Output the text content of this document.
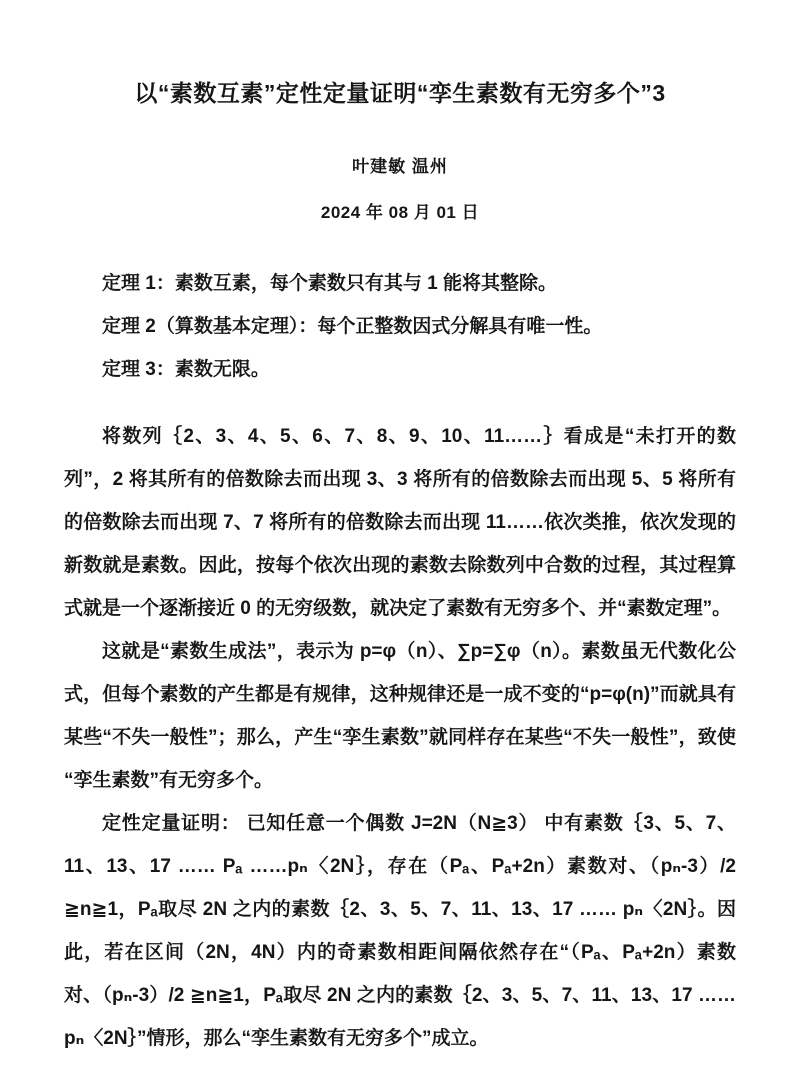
以“素数互素”定性定量证明“孪生素数有无穷多个”3
叶建敏 温州
2024 年 08 月 01 日

定理 1：素数互素，每个素数只有其与 1 能将其整除。

定理 2（算数基本定理）：每个正整数因式分解具有唯一性。

定理 3：素数无限。

将数列｛2、3、4、5、6、7、8、9、10、11……｝看成是“未打开的数列”，2 将其所有的倍数除去而出现 3、3 将所有的倍数除去而出现 5、5 将所有的倍数除去而出现 7、7 将所有的倍数除去而出现 11……依次类推，依次发现的新数就是素数。因此，按每个依次出现的素数去除数列中合数的过程，其过程算式就是一个逐渐接近 0 的无穷级数，就决定了素数有无穷多个、并“素数定理”。

这就是“素数生成法”，表示为 p=φ（n）、∑p=∑φ（n）。素数虽无代数化公式，但每个素数的产生都是有规律，这种规律还是一成不变的“p=φ(n)”而就具有某些“不失一般性”；那么，产生“孪生素数”就同样存在某些“不失一般性”，致使“孪生素数”有无穷多个。

定性定量证明： 已知任意一个偶数 J=2N（N≧3） 中有素数｛3、5、7、11、13、17 …… Pₐ ……pₙ〈2N｝，存在（Pₐ、Pₐ+2n）素数对、（pₙ-3）/2 ≧n≧1，Pₐ取尽 2N 之内的素数｛2、3、5、7、11、13、17 …… pₙ〈2N｝。因此，若在区间（2N，4N）内的奇素数相距间隔依然存在“（Pₐ、Pₐ+2n）素数对、（pₙ-3）/2 ≧n≧1，Pₐ取尽 2N 之内的素数｛2、3、5、7、11、13、17 …… pₙ〈2N｝”情形，那么“孪生素数有无穷多个”成立。
